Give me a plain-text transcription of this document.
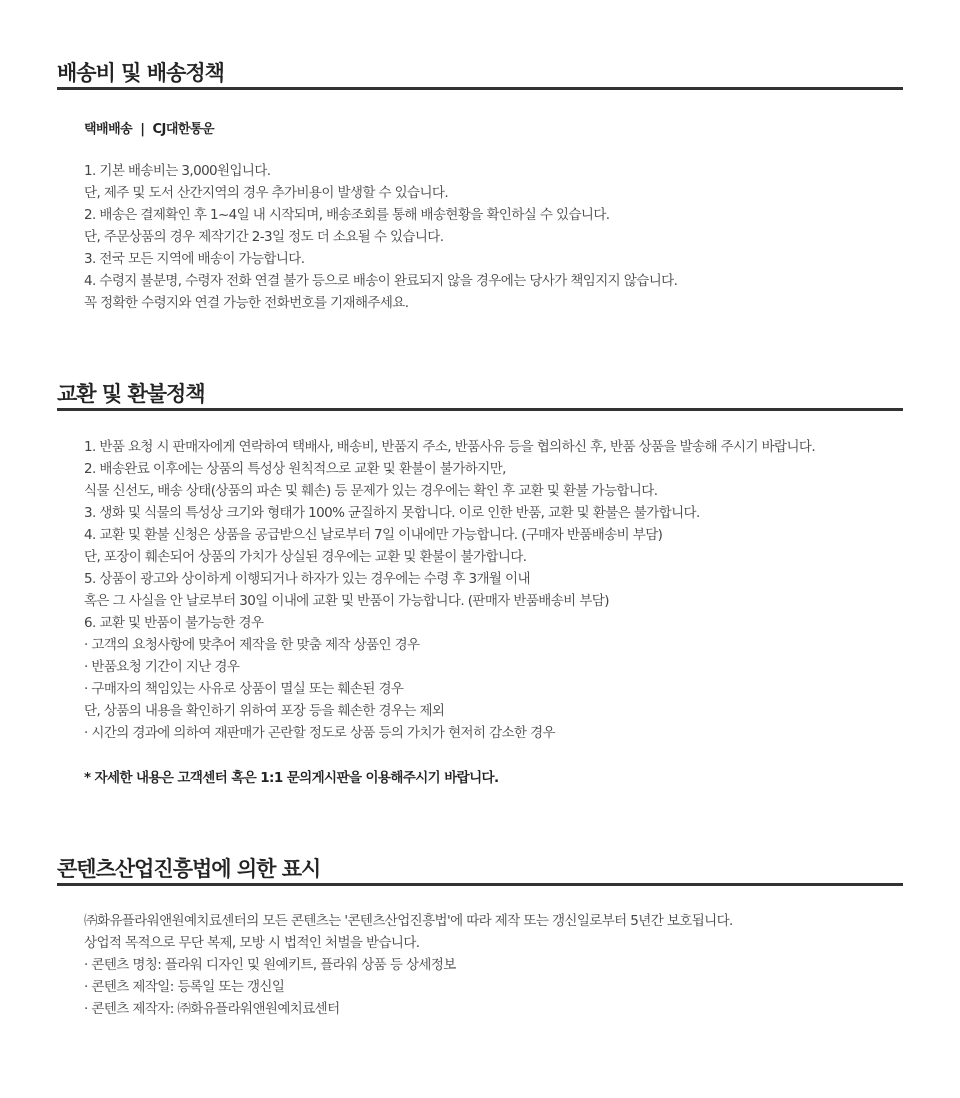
배송비 및 배송정책
택배배송 | CJ대한통운
1. 기본 배송비는 3,000원입니다.
단, 제주 및 도서 산간지역의 경우 추가비용이 발생할 수 있습니다.
2. 배송은 결제확인 후 1~4일 내 시작되며, 배송조회를 통해 배송현황을 확인하실 수 있습니다.
단, 주문상품의 경우 제작기간 2-3일 정도 더 소요될 수 있습니다.
3. 전국 모든 지역에 배송이 가능합니다.
4. 수령지 불분명, 수령자 전화 연결 불가 등으로 배송이 완료되지 않을 경우에는 당사가 책임지지 않습니다.
꼭 정확한 수령지와 연결 가능한 전화번호를 기재해주세요.
교환 및 환불정책
1. 반품 요청 시 판매자에게 연락하여 택배사, 배송비, 반품지 주소, 반품사유 등을 협의하신 후, 반품 상품을 발송해 주시기 바랍니다.
2. 배송완료 이후에는 상품의 특성상 원칙적으로 교환 및 환불이 불가하지만,
식물 신선도, 배송 상태(상품의 파손 및 훼손) 등 문제가 있는 경우에는 확인 후 교환 및 환불 가능합니다.
3. 생화 및 식물의 특성상 크기와 형태가 100% 균질하지 못합니다. 이로 인한 반품, 교환 및 환불은 불가합니다.
4. 교환 및 환불 신청은 상품을 공급받으신 날로부터 7일 이내에만 가능합니다. (구매자 반품배송비 부담)
단, 포장이 훼손되어 상품의 가치가 상실된 경우에는 교환 및 환불이 불가합니다.
5. 상품이 광고와 상이하게 이행되거나 하자가 있는 경우에는 수령 후 3개월 이내
혹은 그 사실을 안 날로부터 30일 이내에 교환 및 반품이 가능합니다. (판매자 반품배송비 부담)
6. 교환 및 반품이 불가능한 경우
· 고객의 요청사항에 맞추어 제작을 한 맞춤 제작 상품인 경우
· 반품요청 기간이 지난 경우
· 구매자의 책임있는 사유로 상품이 멸실 또는 훼손된 경우
단, 상품의 내용을 확인하기 위하여 포장 등을 훼손한 경우는 제외
· 시간의 경과에 의하여 재판매가 곤란할 정도로 상품 등의 가치가 현저히 감소한 경우
* 자세한 내용은 고객센터 혹은 1:1 문의게시판을 이용해주시기 바랍니다.
콘텐츠산업진흥법에 의한 표시
㈜화유플라워앤원예치료센터의 모든 콘텐츠는 '콘텐츠산업진흥법'에 따라 제작 또는 갱신일로부터 5년간 보호됩니다.
상업적 목적으로 무단 복제, 모방 시 법적인 처벌을 받습니다.
· 콘텐츠 명칭: 플라워 디자인 및 원예키트, 플라워 상품 등 상세정보
· 콘텐츠 제작일: 등록일 또는 갱신일
· 콘텐츠 제작자: ㈜화유플라워앤원예치료센터
